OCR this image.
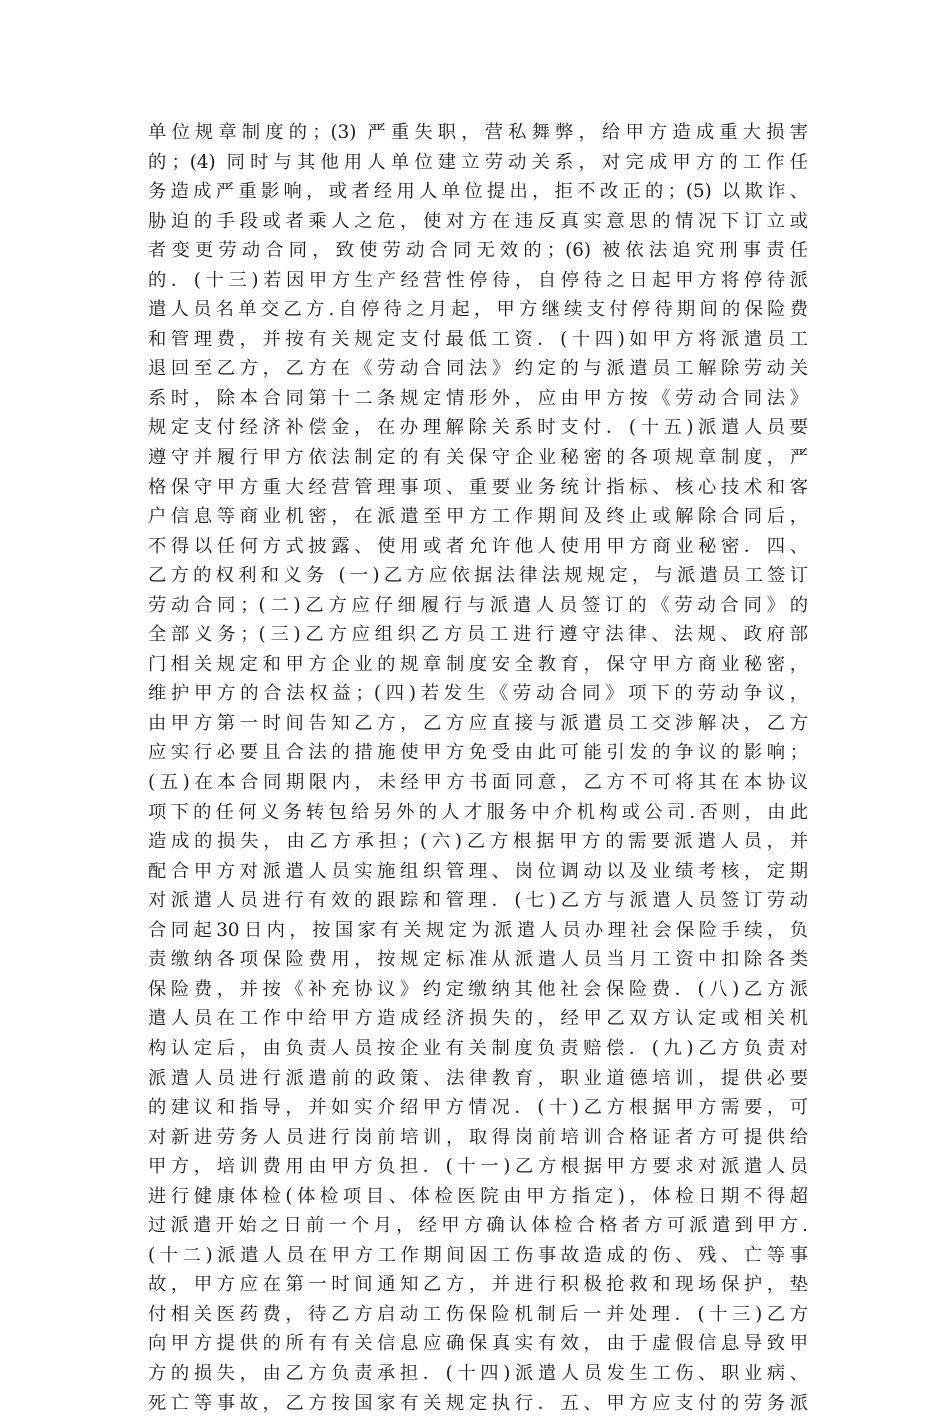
单位规章制度的；(3) 严重失职，营私舞弊，给甲方造成重大损害
的；(4) 同时与其他用人单位建立劳动关系，对完成甲方的工作任
务造成严重影响，或者经用人单位提出，拒不改正的；(5) 以欺诈、
胁迫的手段或者乘人之危，使对方在违反真实意思的情况下订立或
者变更劳动合同，致使劳动合同无效的；(6) 被依法追究刑事责任
的．(十三)若因甲方生产经营性停待，自停待之日起甲方将停待派
遣人员名单交乙方.自停待之月起，甲方继续支付停待期间的保险费
和管理费，并按有关规定支付最低工资．(十四)如甲方将派遣员工
退回至乙方，乙方在《劳动合同法》约定的与派遣员工解除劳动关
系时，除本合同第十二条规定情形外，应由甲方按《劳动合同法》
规定支付经济补偿金，在办理解除关系时支付．(十五)派遣人员要
遵守并履行甲方依法制定的有关保守企业秘密的各项规章制度，严
格保守甲方重大经营管理事项、重要业务统计指标、核心技术和客
户信息等商业机密，在派遣至甲方工作期间及终止或解除合同后，
不得以任何方式披露、使用或者允许他人使用甲方商业秘密．四、
乙方的权利和义务 (一)乙方应依据法律法规规定，与派遣员工签订
劳动合同；(二)乙方应仔细履行与派遣人员签订的《劳动合同》的
全部义务；(三)乙方应组织乙方员工进行遵守法律、法规、政府部
门相关规定和甲方企业的规章制度安全教育，保守甲方商业秘密，
维护甲方的合法权益；(四)若发生《劳动合同》项下的劳动争议，
由甲方第一时间告知乙方，乙方应直接与派遣员工交涉解决，乙方
应实行必要且合法的措施使甲方免受由此可能引发的争议的影响；
(五)在本合同期限内，未经甲方书面同意，乙方不可将其在本协议
项下的任何义务转包给另外的人才服务中介机构或公司.否则，由此
造成的损失，由乙方承担；(六)乙方根据甲方的需要派遣人员，并
配合甲方对派遣人员实施组织管理、岗位调动以及业绩考核，定期
对派遣人员进行有效的跟踪和管理．(七)乙方与派遣人员签订劳动
合同起30日内，按国家有关规定为派遣人员办理社会保险手续，负
责缴纳各项保险费用，按规定标准从派遣人员当月工资中扣除各类
保险费，并按《补充协议》约定缴纳其他社会保险费．(八)乙方派
遣人员在工作中给甲方造成经济损失的，经甲乙双方认定或相关机
构认定后，由负责人员按企业有关制度负责赔偿．(九)乙方负责对
派遣人员进行派遣前的政策、法律教育，职业道德培训，提供必要
的建议和指导，并如实介绍甲方情况．(十)乙方根据甲方需要，可
对新进劳务人员进行岗前培训，取得岗前培训合格证者方可提供给
甲方，培训费用由甲方负担．(十一)乙方根据甲方要求对派遣人员
进行健康体检(体检项目、体检医院由甲方指定)，体检日期不得超
过派遣开始之日前一个月，经甲方确认体检合格者方可派遣到甲方.
(十二)派遣人员在甲方工作期间因工伤事故造成的伤、残、亡等事
故，甲方应在第一时间通知乙方，并进行积极抢救和现场保护，垫
付相关医药费，待乙方启动工伤保险机制后一并处理．(十三)乙方
向甲方提供的所有有关信息应确保真实有效，由于虚假信息导致甲
方的损失，由乙方负责承担．(十四)派遣人员发生工伤、职业病、
死亡等事故，乙方按国家有关规定执行．五、甲方应支付的劳务派
